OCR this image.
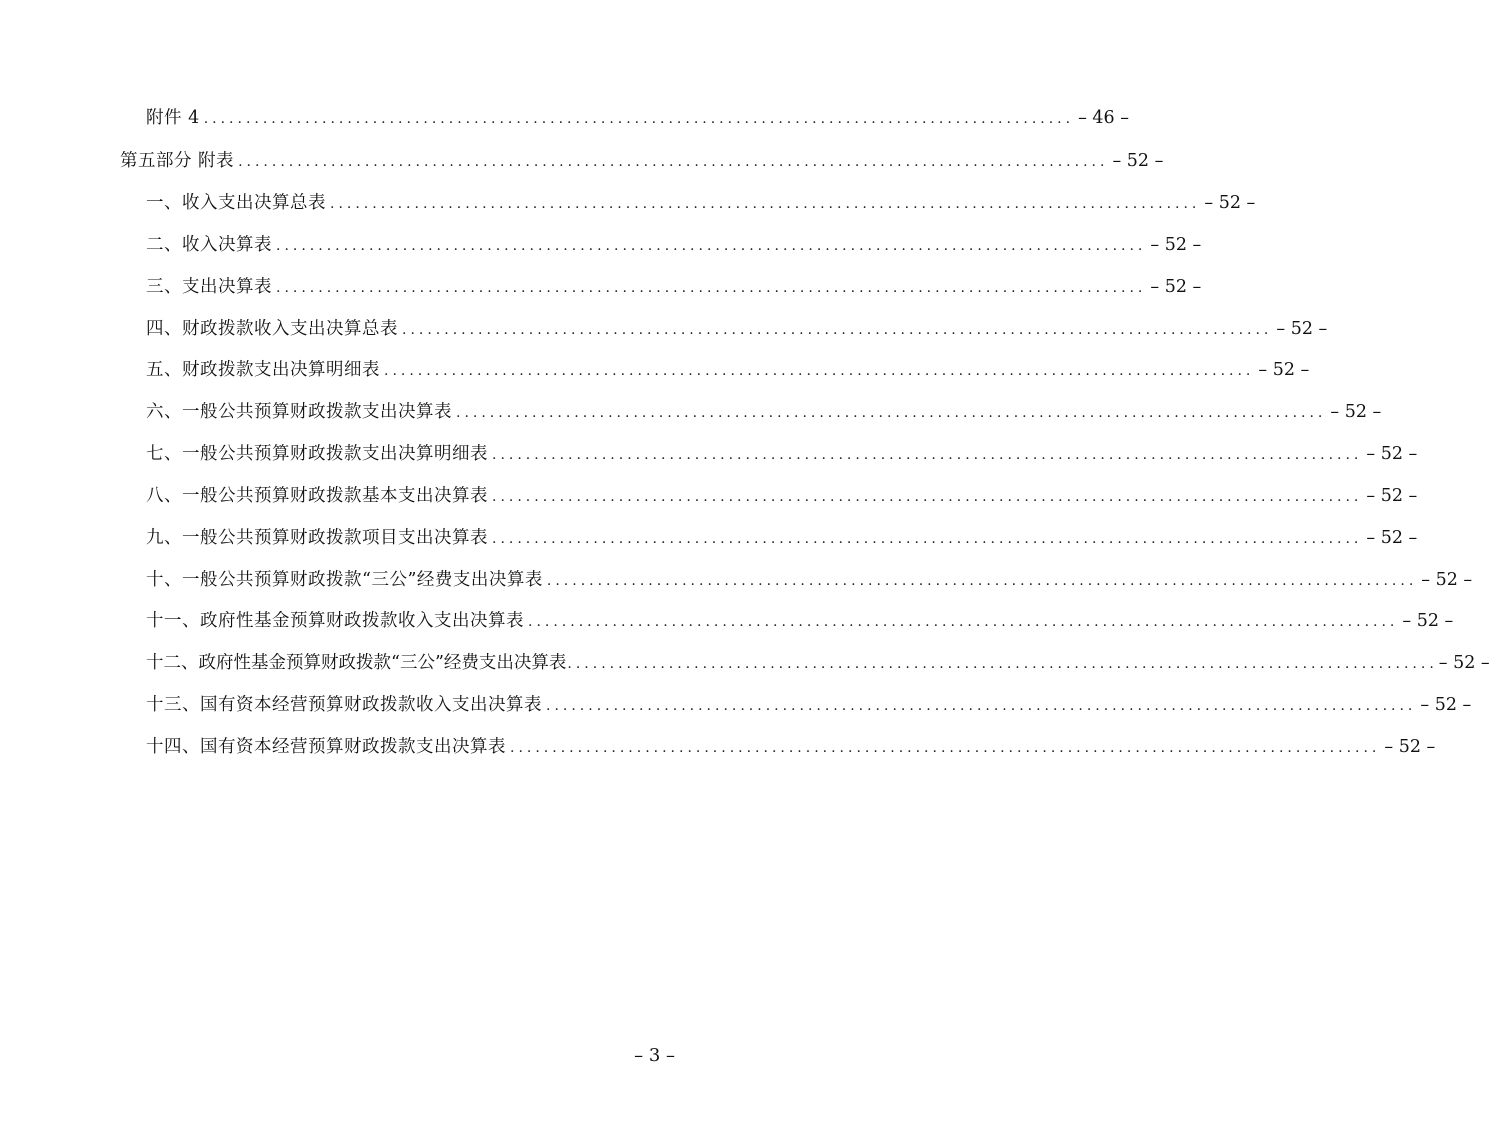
附件 4 ....................................................................................................... – 46 –
第五部分 附表 ....................................................................................................... – 52 –
一、收入支出决算总表 ....................................................................................................... – 52 –
二、收入决算表 ....................................................................................................... – 52 –
三、支出决算表 ....................................................................................................... – 52 –
四、财政拨款收入支出决算总表 ....................................................................................................... – 52 –
五、财政拨款支出决算明细表 ....................................................................................................... – 52 –
六、一般公共预算财政拨款支出决算表 ....................................................................................................... – 52 –
七、一般公共预算财政拨款支出决算明细表 ....................................................................................................... – 52 –
八、一般公共预算财政拨款基本支出决算表 ....................................................................................................... – 52 –
九、一般公共预算财政拨款项目支出决算表 ....................................................................................................... – 52 –
十、一般公共预算财政拨款“三公”经费支出决算表 ....................................................................................................... – 52 –
十一、政府性基金预算财政拨款收入支出决算表 ....................................................................................................... – 52 –
十二、政府性基金预算财政拨款“三公”经费支出决算表 ....................................................................................................... – 52 –
十三、国有资本经营预算财政拨款收入支出决算表 ....................................................................................................... – 52 –
十四、国有资本经营预算财政拨款支出决算表 ....................................................................................................... – 52 –
– 3 –
